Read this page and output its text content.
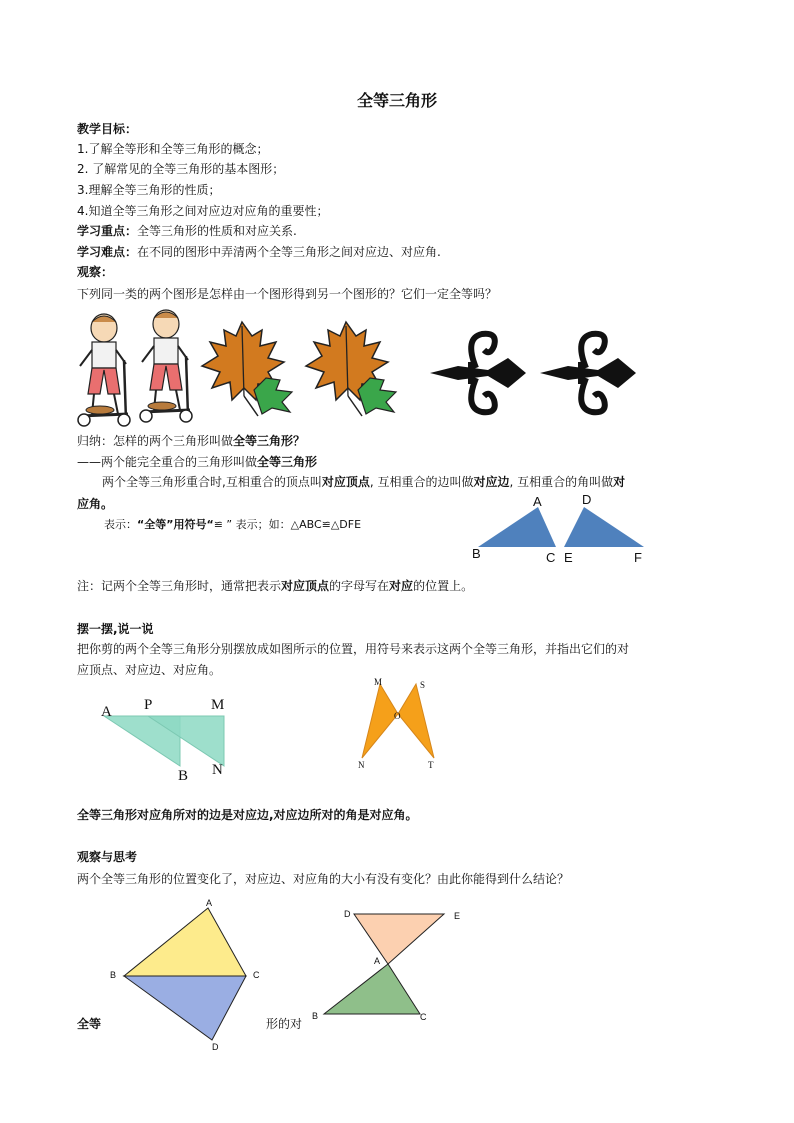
全等三角形
教学目标：
1.了解全等形和全等三角形的概念；
2. 了解常见的全等三角形的基本图形；
3.理解全等三角形的性质；
4.知道全等三角形之间对应边对应角的重要性；
学习重点：全等三角形的性质和对应关系.
学习难点：在不同的图形中弄清两个全等三角形之间对应边、对应角.
观察：
下列同一类的两个图形是怎样由一个图形得到另一个图形的？它们一定全等吗？
归纳：怎样的两个三角形叫做全等三角形？
——两个能完全重合的三角形叫做全等三角形
两个全等三角形重合时,互相重合的顶点叫对应顶点, 互相重合的边叫做对应边, 互相重合的角叫做对
应角。
表示：“全等”用符号“≌ ” 表示；如：△ABC≌△DFE
A	D
B	C E	F
注：记两个全等三角形时，通常把表示对应顶点的字母写在对应的位置上。
摆一摆,说一说
把你剪的两个全等三角形分别摆放成如图所示的位置，用符号来表示这两个全等三角形，并指出它们的对
应顶点、对应边、对应角。
A P	M
B N
M	S
O
N	T
全等三角形对应角所对的边是对应边,对应边所对的角是对应角。
观察与思考
两个全等三角形的位置变化了，对应边、对应角的大小有没有变化？由此你能得到什么结论？
A
B	C
D
D	E
A
B	C
全等	形的对
